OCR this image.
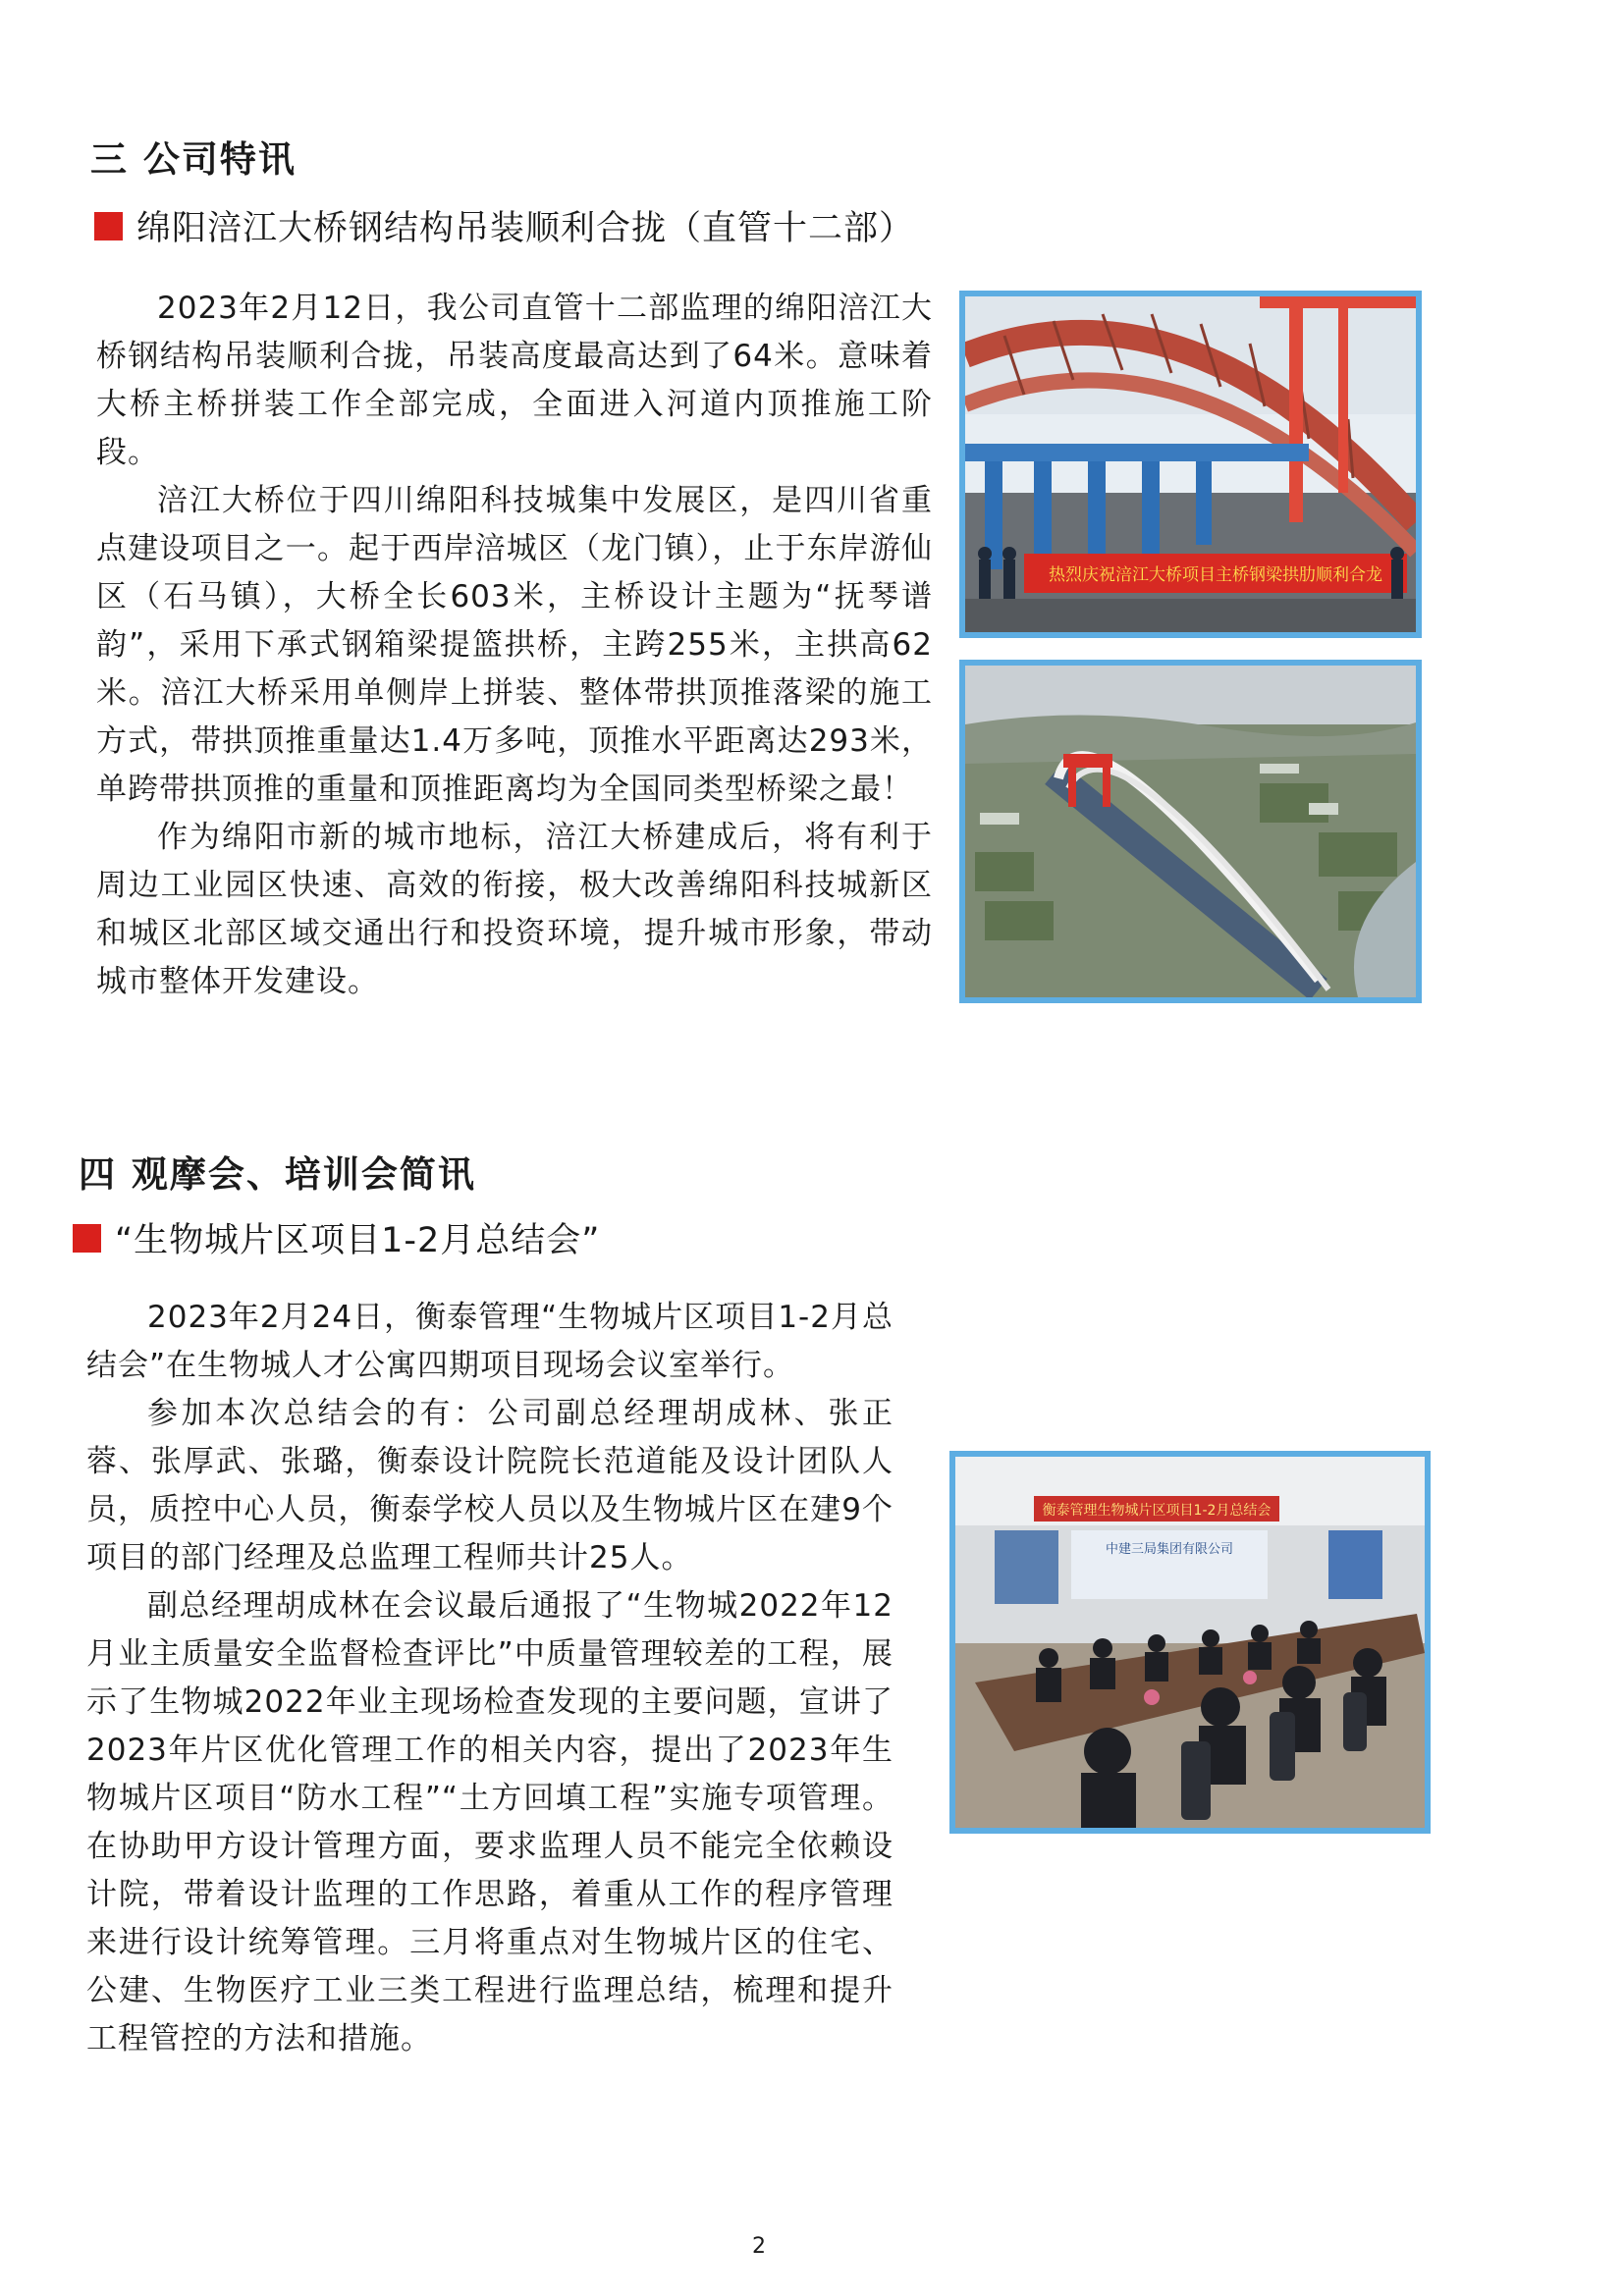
三 公司特讯
绵阳涪江大桥钢结构吊装顺利合拢（直管十二部）

2023年2月12日，我公司直管十二部监理的绵阳涪江大桥钢结构吊装顺利合拢，吊装高度最高达到了64米。意味着大桥主桥拼装工作全部完成，全面进入河道内顶推施工阶段。

涪江大桥位于四川绵阳科技城集中发展区，是四川省重点建设项目之一。起于西岸涪城区（龙门镇），止于东岸游仙区（石马镇），大桥全长603米，主桥设计主题为“抚琴谱韵”，采用下承式钢箱梁提篮拱桥，主跨255米，主拱高62米。涪江大桥采用单侧岸上拼装、整体带拱顶推落梁的施工方式，带拱顶推重量达1.4万多吨，顶推水平距离达293米，单跨带拱顶推的重量和顶推距离均为全国同类型桥梁之最！

作为绵阳市新的城市地标，涪江大桥建成后，将有利于周边工业园区快速、高效的衔接，极大改善绵阳科技城新区和城区北部区域交通出行和投资环境，提升城市形象，带动城市整体开发建设。

热烈庆祝涪江大桥项目主桥钢梁拱肋顺利合龙
四 观摩会、培训会简讯
“生物城片区项目1-2月总结会”

2023年2月24日，衡泰管理“生物城片区项目1-2月总结会”在生物城人才公寓四期项目现场会议室举行。

参加本次总结会的有：公司副总经理胡成林、张正蓉、张厚武、张璐，衡泰设计院院长范道能及设计团队人员，质控中心人员，衡泰学校人员以及生物城片区在建9个项目的部门经理及总监理工程师共计25人。

副总经理胡成林在会议最后通报了“生物城2022年12月业主质量安全监督检查评比”中质量管理较差的工程，展示了生物城2022年业主现场检查发现的主要问题，宣讲了2023年片区优化管理工作的相关内容，提出了2023年生物城片区项目“防水工程”“土方回填工程”实施专项管理。在协助甲方设计管理方面，要求监理人员不能完全依赖设计院，带着设计监理的工作思路，着重从工作的程序管理来进行设计统筹管理。三月将重点对生物城片区的住宅、公建、生物医疗工业三类工程进行监理总结，梳理和提升工程管控的方法和措施。

衡泰管理生物城片区项目1-2月总结会
中建三局集团有限公司
2
